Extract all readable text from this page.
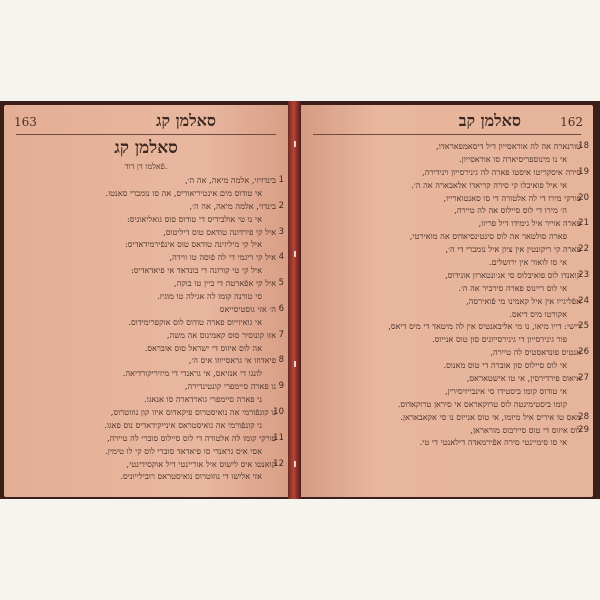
163	סאלמן קג
סאלמן קג
פֿאלמו דן דוד.
1
בינדזיזי, אלמה מיאה, אה ה׳,
אי טודוס מים אינטיריאוריס, אה סו נומברי סאנטו.
2
בינדזי, אלמה מיאה, אה ה׳,
אי נו טי אולבידיס די טודוס סוס גואליאוניס:
3
איל קי פירדונה טודאס טוס דיליטוס,
איל קי מיליזינה טודאס טוס אינפֿירמידאדיס:
4
איל קי ריגמי די לה פֿוסה טו ווידה,
איל קי טי קורונה די בונדאד אי פיאדאדיס:
5
איל קי אפֿארטה די ביין טו בוקה,
סי טורנה קומו לה אגילה טו מוגיז.
6
ה׳ אזי גוסטיסייאס
אי גואיזייוס פארה טודוס לוס אוקפרימידוס.
7
אזו קונוסיר סוס קאמינוס אה משה,
אה לוס איזוס די ישראל סוס אובראס.
8
פיאדוזו אי גראסייוזו איס ה׳,
לונגו די אנזיאס, אי גראנדי די מיזיריקורדיאה.
9
נו פארה סיימפרי קונטינדירה,
ני פארה סיימפרי גוארדארה סו אנאגו.
10
נו קונפֿורמי אה נואיסטרוס פיקאדוס איזו קון נוזוטרוס,
ני קונפֿורמי אה נואיסטראס אינייקידאדיס נוס פאגו.
11
פורקי קומו לה אלטורה די לוס סיילוס סוברי לה טיירה,
אסי איס גראנדי סו פיאדאד סוברי לוס קי לו טימין.
12
קואנטו איס לישוס איל אוריינטי דיל אוקסידינטי,
אזי אלישו די נוזוטרוס נואיסטראס רובילייוניס.
162
סאלמן קב
18
טורנארה אה לה אוראסייון דיל דיסאמפאראדו,
אי נו מינוספריסיארה סו אוראסייון.
19
סירה איסקריטו איסטו פארה לה גינירסייון וינידירה,
אי איל פואיבלו קי סירה קריאדו אלאבארה אה ה׳.
20
פורקי מירו די לה אלטורה די סו סאנטוארייו,
ה׳ מירו די לוס סיילוס אה לה טיירה,
21
פארה אוייר איל גימידו דיל פריזו,
פארה סולטאר אה לוס סינטינסיאדוס אה מואירטי,
22
פארה קי ריקונטין אין ציון איל נומברי די ה׳,
אי סו לואור אין ירושלים.
23
קואנדו לוס פואיבלוס סי אג׳ונטארון אונידוס,
אי לוס ריינוס פארה סירביר אה ה׳.
24
אפֿליגייו אין איל קאמינו מי פֿואירסה,
אקורטו מיס דיאס.
25
דישי: דייו מיאו, נו מי אליבאנטיס אין לה מיטאד די מיס דיאס,
פור גינירסייון די גינירסייוניס סון טוס אנייוס.
26
אנטיס פונדאסטיס לה טיירה,
אי לוס סיילוס סון אוברה די טוס מאנוס.
27
איאוס פירדירסין, אי טו אישטאראס,
אי טודוס קומו ביסטידו סי אינבייזיסירין,
קומו ביסטימינטה לוס טרוקאראס אי סיראן טרוקאדוס.
28
מאס טו איריס איל מיזמו, אי טוס אנייוס נו סי אקאבאראן.
29
לוס איזוס די טוס סיירבוס מוראראן,
אי סו סימיינטי סירה אפֿירמאדה דילאנטי די טי.
